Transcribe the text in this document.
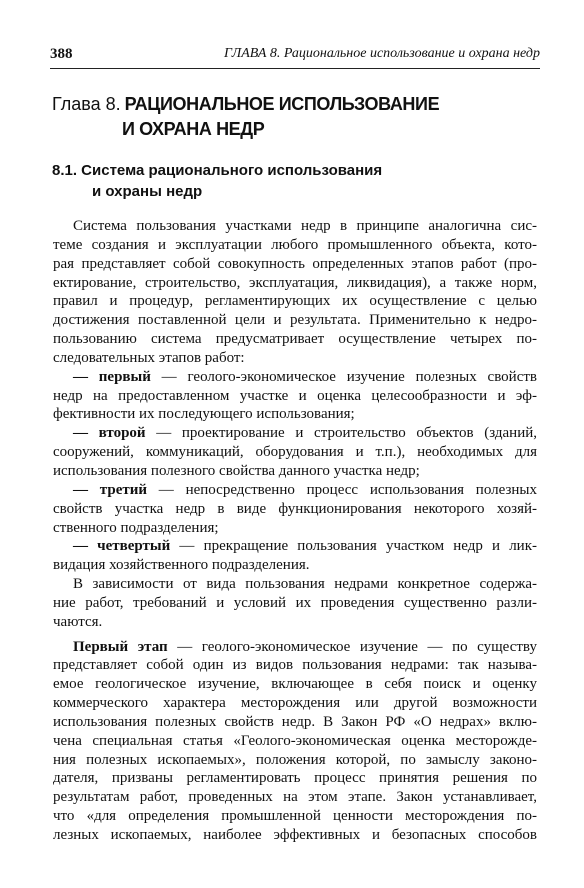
388	ГЛАВА 8. Рациональное использование и охрана недр
Глава 8. РАЦИОНАЛЬНОЕ ИСПОЛЬЗОВАНИЕ
И ОХРАНА НЕДР
8.1. Система рационального использования
и охраны недр
Система пользования участками недр в принципе аналогична сис-
теме создания и эксплуатации любого промышленного объекта, кото-
рая представляет собой совокупность определенных этапов работ (про-
ектирование, строительство, эксплуатация, ликвидация), а также норм,
правил и процедур, регламентирующих их осуществление с целью
достижения поставленной цели и результата. Применительно к недро-
пользованию система предусматривает осуществление четырех по-
следовательных этапов работ:
— первый — геолого-экономическое изучение полезных свойств
недр на предоставленном участке и оценка целесообразности и эф-
фективности их последующего использования;
— второй — проектирование и строительство объектов (зданий,
сооружений, коммуникаций, оборудования и т.п.), необходимых для
использования полезного свойства данного участка недр;
— третий — непосредственно процесс использования полезных
свойств участка недр в виде функционирования некоторого хозяй-
ственного подразделения;
— четвертый — прекращение пользования участком недр и лик-
видация хозяйственного подразделения.
В зависимости от вида пользования недрами конкретное содержа-
ние работ, требований и условий их проведения существенно разли-
чаются.
Первый этап — геолого-экономическое изучение — по существу
представляет собой один из видов пользования недрами: так называ-
емое геологическое изучение, включающее в себя поиск и оценку
коммерческого характера месторождения или другой возможности
использования полезных свойств недр. В Закон РФ «О недрах» вклю-
чена специальная статья «Геолого-экономическая оценка месторожде-
ния полезных ископаемых», положения которой, по замыслу законо-
дателя, призваны регламентировать процесс принятия решения по
результатам работ, проведенных на этом этапе. Закон устанавливает,
что «для определения промышленной ценности месторождения по-
лезных ископаемых, наиболее эффективных и безопасных способов
